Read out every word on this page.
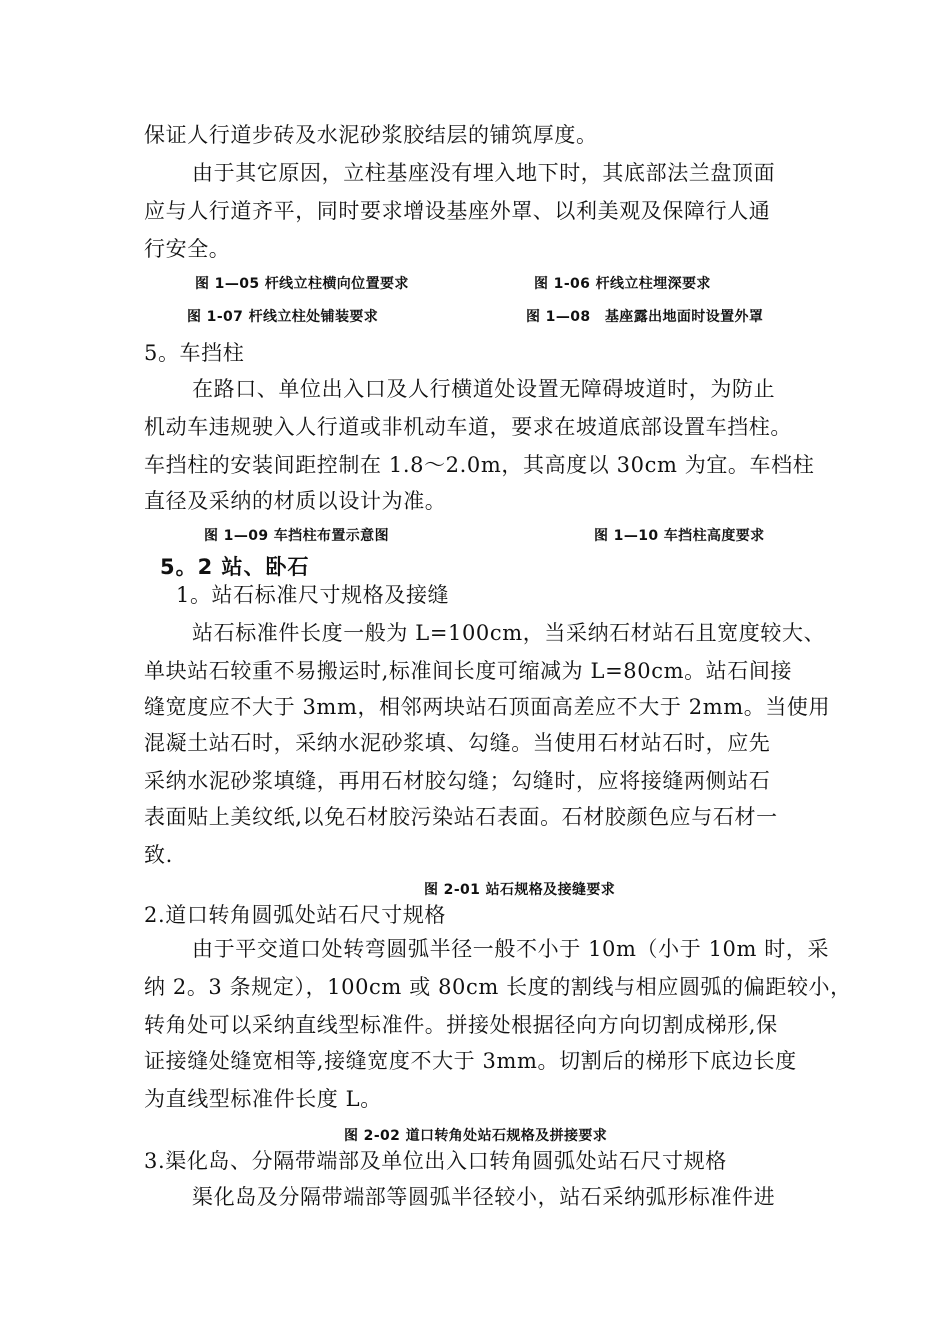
保证人行道步砖及水泥砂浆胶结层的铺筑厚度。
由于其它原因，立柱基座没有埋入地下时，其底部法兰盘顶面
应与人行道齐平，同时要求增设基座外罩、以利美观及保障行人通
行安全。
图 1—05 杆线立柱横向位置要求	图 1-06 杆线立柱埋深要求
图 1-07 杆线立柱处铺装要求	图 1—08　基座露出地面时设置外罩
5。车挡柱
在路口、单位出入口及人行横道处设置无障碍坡道时，为防止
机动车违规驶入人行道或非机动车道，要求在坡道底部设置车挡柱。
车挡柱的安装间距控制在 1.8～2.0m，其高度以 30cm 为宜。车档柱
直径及采纳的材质以设计为准。
图 1—09 车挡柱布置示意图	图 1—10 车挡柱高度要求
5。2 站、卧石
1。站石标准尺寸规格及接缝
站石标准件长度一般为 L=100cm，当采纳石材站石且宽度较大、
单块站石较重不易搬运时,标准间长度可缩减为 L=80cm。站石间接
缝宽度应不大于 3mm，相邻两块站石顶面高差应不大于 2mm。当使用
混凝土站石时，采纳水泥砂浆填、勾缝。当使用石材站石时，应先
采纳水泥砂浆填缝，再用石材胶勾缝；勾缝时，应将接缝两侧站石
表面贴上美纹纸,以免石材胶污染站石表面。石材胶颜色应与石材一
致.
图 2-01 站石规格及接缝要求
2.道口转角圆弧处站石尺寸规格
由于平交道口处转弯圆弧半径一般不小于 10m（小于 10m 时，采
纳 2。3 条规定），100cm 或 80cm 长度的割线与相应圆弧的偏距较小，
转角处可以采纳直线型标准件。拼接处根据径向方向切割成梯形,保
证接缝处缝宽相等,接缝宽度不大于 3mm。切割后的梯形下底边长度
为直线型标准件长度 L。
图 2-02 道口转角处站石规格及拼接要求
3.渠化岛、分隔带端部及单位出入口转角圆弧处站石尺寸规格
渠化岛及分隔带端部等圆弧半径较小，站石采纳弧形标准件进
